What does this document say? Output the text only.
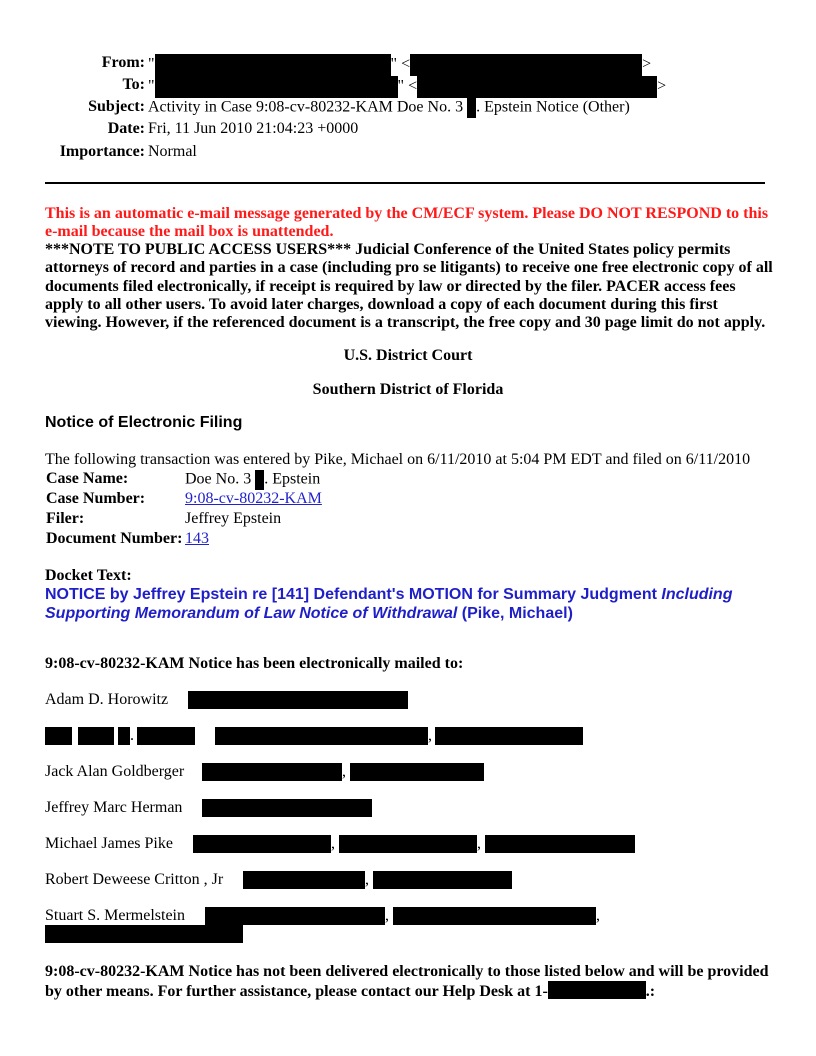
From: "	" <	>
To: "	" <	>
Subject: Activity in Case 9:08-cv-80232-KAM Doe No. 3 . Epstein Notice (Other)
Date: Fri, 11 Jun 2010 21:04:23 +0000
Importance: Normal
This is an automatic e-mail message generated by the CM/ECF system. Please DO NOT RESPOND to this e-mail because the mail box is unattended.
***NOTE TO PUBLIC ACCESS USERS*** Judicial Conference of the United States policy permits attorneys of record and parties in a case (including pro se litigants) to receive one free electronic copy of all documents filed electronically, if receipt is required by law or directed by the filer. PACER access fees apply to all other users. To avoid later charges, download a copy of each document during this first viewing. However, if the referenced document is a transcript, the free copy and 30 page limit do not apply.
U.S. District Court
Southern District of Florida
Notice of Electronic Filing
The following transaction was entered by Pike, Michael on 6/11/2010 at 5:04 PM EDT and filed on 6/11/2010
Case Name:	Doe No. 3 . Epstein
Case Number: 9:08-cv-80232-KAM
Filer:	Jeffrey Epstein
Document Number: 143
Docket Text:
NOTICE by Jeffrey Epstein re [141] Defendant's MOTION for Summary Judgment Including Supporting Memorandum of Law Notice of Withdrawal (Pike, Michael)
9:08-cv-80232-KAM Notice has been electronically mailed to:
Adam D. Horowitz
.	,
Jack Alan Goldberger	,
Jeffrey Marc Herman
Michael James Pike	,	,
Robert Deweese Critton , Jr	,
Stuart S. Mermelstein	,	,
9:08-cv-80232-KAM Notice has not been delivered electronically to those listed below and will be provided by other means. For further assistance, please contact our Help Desk at 1-	.:
